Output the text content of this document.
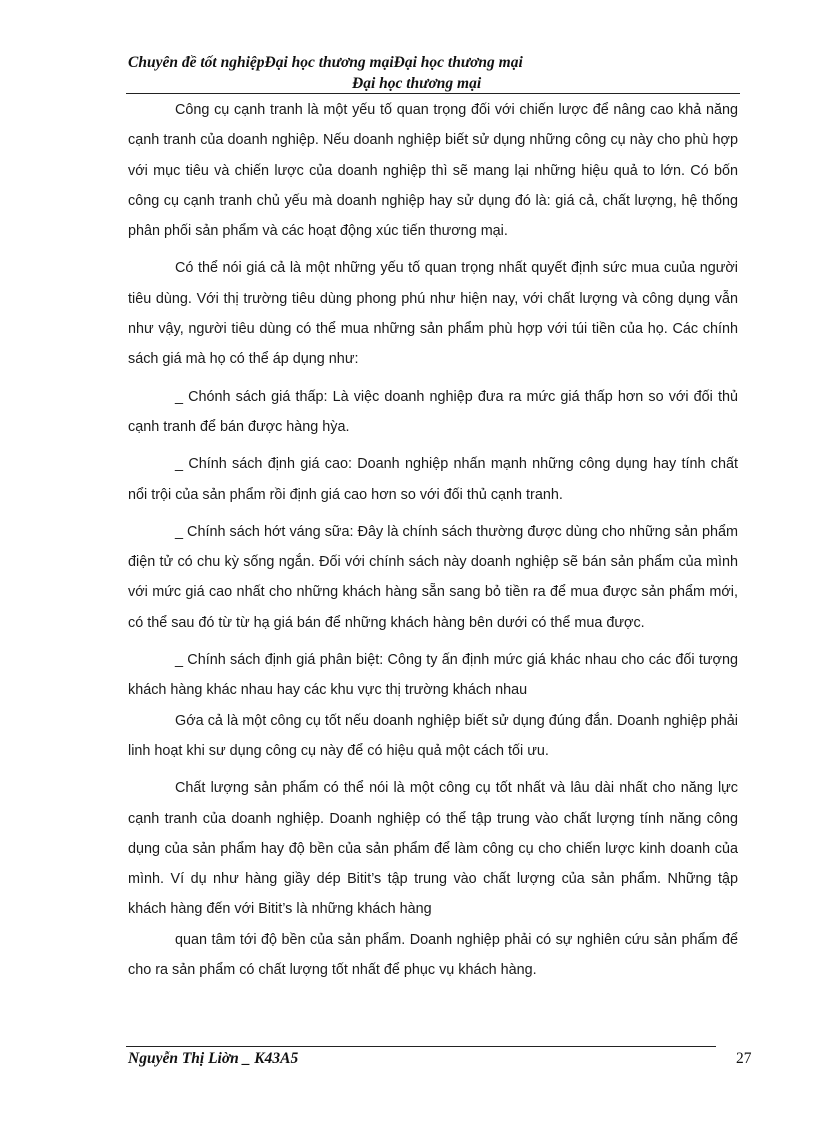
Chuyên đề tốt nghiệpĐại học thương mạiĐại học thương mại
Đại học thương mại

Công cụ cạnh tranh là một yếu tố quan trọng đối với chiến lược để nâng cao khả năng cạnh tranh của doanh nghiệp. Nếu doanh nghiệp biết sử dụng những công cụ này cho phù hợp với mục tiêu và chiến lược của doanh nghiệp thì sẽ mang lại những hiệu quả to lớn. Có bốn công cụ cạnh tranh chủ yếu mà doanh nghiệp hay sử dụng đó là: giá cả, chất lượng, hệ thống phân phối sản phẩm và các hoạt động xúc tiến thương mại.

Có thể nói giá cả là một những yếu tố quan trọng nhất quyết định sức mua cuủa người tiêu dùng. Với thị trường tiêu dùng phong phú như hiện nay, với chất lượng và công dụng vẫn như vậy, người tiêu dùng có thể mua những sản phẩm phù hợp với túi tiền của họ. Các chính sách giá mà họ có thể áp dụng như:

_ Chónh sách giá thấp: Là việc doanh nghiệp đưa ra mức giá thấp hơn so với đối thủ cạnh tranh để bán được hàng hỳa.

_ Chính sách định giá cao: Doanh nghiệp nhấn mạnh những công dụng hay tính chất nổi trội của sản phẩm rồi định giá cao hơn so với đối thủ cạnh tranh.

_ Chính sách hớt váng sữa: Đây là chính sách thường được dùng cho những sản phẩm điện tử có chu kỳ sống ngắn. Đối với chính sách này doanh nghiệp sẽ bán sản phẩm của mình với mức giá cao nhất cho những khách hàng sẵn sang bỏ tiền ra để mua được sản phẩm mới, có thể sau đó từ từ hạ giá bán để những khách hàng bên dưới có thể mua được.

_ Chính sách định giá phân biệt: Công ty ấn định mức giá khác nhau cho các đối tượng khách hàng khác nhau hay các khu vực thị trường khách nhau

Gớa cả là một công cụ tốt nếu doanh nghiệp biết sử dụng đúng đắn. Doanh nghiệp phải linh hoạt khi sư dụng công cụ này để có hiệu quả một cách tối ưu.

Chất lượng sản phẩm có thể nói là một công cụ tốt nhất và lâu dài nhất cho năng lực cạnh tranh của doanh nghiệp. Doanh nghiệp có thể tập trung vào chất lượng tính năng công dụng của sản phẩm hay độ bền của sản phẩm để làm công cụ cho chiến lược kinh doanh của mình. Ví dụ như hàng giầy dép Bitit’s tập trung vào chất lượng của sản phẩm. Những tập khách hàng đến với Bitit’s là những khách hàng

quan tâm tới độ bền của sản phẩm. Doanh nghiệp phải có sự nghiên cứu sản phẩm để cho ra sản phẩm có chất lượng tốt nhất để phục vụ khách hàng.

Nguyễn Thị Liờn _ K43A5	27
